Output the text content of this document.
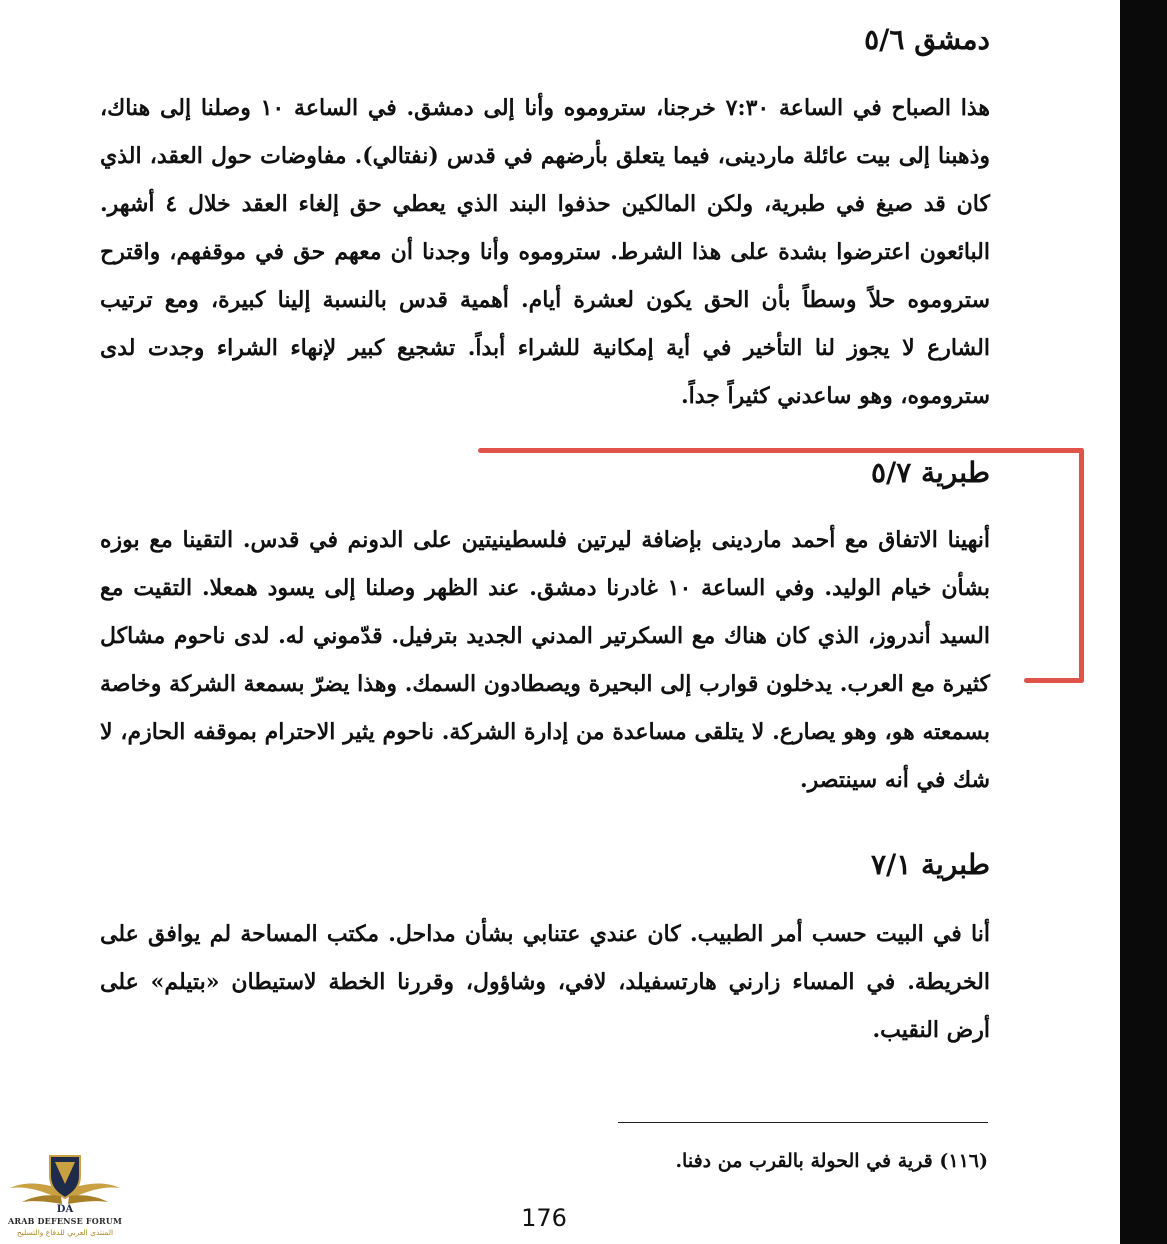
دمشق ٥/٦

هذا الصباح في الساعة ٧:٣٠ خرجنا، ستروموه وأنا إلى دمشق. في الساعة ١٠ وصلنا إلى هناك، وذهبنا إلى بيت عائلة ماردينى، فيما يتعلق بأرضهم في قدس (نفتالي). مفاوضات حول العقد، الذي كان قد صيغ في طبرية، ولكن المالكين حذفوا البند الذي يعطي حق إلغاء العقد خلال ٤ أشهر. البائعون اعترضوا بشدة على هذا الشرط. ستروموه وأنا وجدنا أن معهم حق في موقفهم، واقترح ستروموه حلاً وسطاً بأن الحق يكون لعشرة أيام. أهمية قدس بالنسبة إلينا كبيرة، ومع ترتيب الشارع لا يجوز لنا التأخير في أية إمكانية للشراء أبداً. تشجيع كبير لإنهاء الشراء وجدت لدى ستروموه، وهو ساعدني كثيراً جداً.

طبرية ٥/٧

أنهينا الاتفاق مع أحمد ماردينى بإضافة ليرتين فلسطينيتين على الدونم في قدس. التقينا مع بوزه بشأن خيام الوليد. وفي الساعة ١٠ غادرنا دمشق. عند الظهر وصلنا إلى يسود همعلا. التقيت مع السيد أندروز، الذي كان هناك مع السكرتير المدني الجديد بترفيل. قدّموني له. لدى ناحوم مشاكل كثيرة مع العرب. يدخلون قوارب إلى البحيرة ويصطادون السمك. وهذا يضرّ بسمعة الشركة وخاصة بسمعته هو، وهو يصارع. لا يتلقى مساعدة من إدارة الشركة. ناحوم يثير الاحترام بموقفه الحازم، لا شك في أنه سينتصر.

طبرية ٧/١

أنا في البيت حسب أمر الطبيب. كان عندي عتنابي بشأن مداحل. مكتب المساحة لم يوافق على الخريطة. في المساء زارني هارتسفيلد، لافي، وشاؤول، وقررنا الخطة لاستيطان «بتيلم» على أرض النقيب.

(١١٦) قرية في الحولة بالقرب من دفنا.
176
DA
ARAB DEFENSE FORUM
المنتدى العربي للدفاع والتسليح
